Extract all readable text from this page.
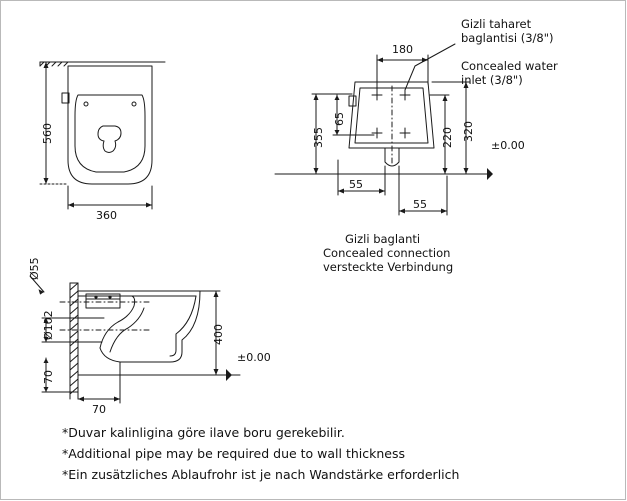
560
360
180
355
65
220 320
55
55
±0.00
Gizli taharet
baglantisi (3/8")
Concealed water
inlet (3/8")
Gizli baglanti
Concealed connection
versteckte Verbindung
Ø55
Ø102
70
70
400
±0.00
*Duvar kalinligina göre ilave boru gerekebilir.
*Additional pipe may be required due to wall thickness
*Ein zusätzliches Ablaufrohr ist je nach Wandstärke erforderlich
